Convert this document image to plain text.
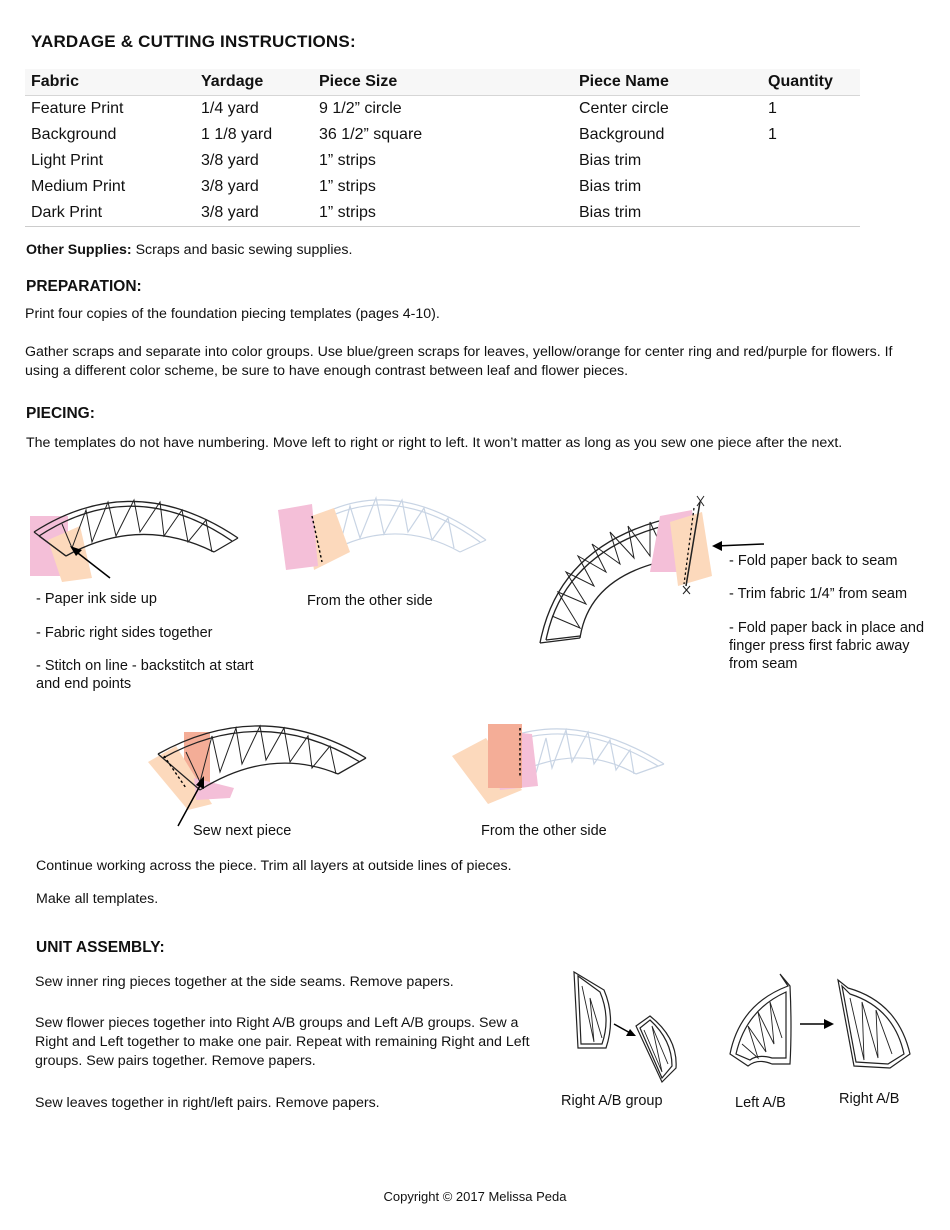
YARDAGE & CUTTING INSTRUCTIONS:
Fabric	Yardage	Piece Size	Piece Name	Quantity
Feature Print	1/4 yard	9 1/2” circle	Center circle	1
Background	1 1/8 yard	36 1/2” square	Background	1
Light Print	3/8 yard	1” strips	Bias trim	
Medium Print	3/8 yard	1” strips	Bias trim	
Dark Print	3/8 yard	1” strips	Bias trim	
Other Supplies: Scraps and basic sewing supplies.
PREPARATION:
Print four copies of the foundation piecing templates (pages 4-10).
Gather scraps and separate into color groups. Use blue/green scraps for leaves, yellow/orange for center ring and red/purple for flowers. If using a different color scheme, be sure to have enough contrast between leaf and flower pieces.
PIECING:
The templates do not have numbering. Move left to right or right to left. It won’t matter as long as you sew one piece after the next.
- Paper ink side up
- Fabric right sides together
- Stitch on line - backstitch at start and end points
From the other side
- Fold paper back to seam
- Trim fabric 1/4” from seam
- Fold paper back in place and finger press first fabric away from seam
Sew next piece	From the other side
Continue working across the piece. Trim all layers at outside lines of pieces.
Make all templates.
UNIT ASSEMBLY:
Sew inner ring pieces together at the side seams. Remove papers.
Sew flower pieces together into Right A/B groups and Left A/B groups. Sew a Right and Left together to make one pair. Repeat with remaining Right and Left groups. Sew pairs together. Remove papers.
Sew leaves together in right/left pairs. Remove papers.	Right A/B group	Left A/B	Right A/B
Copyright © 2017 Melissa Peda
